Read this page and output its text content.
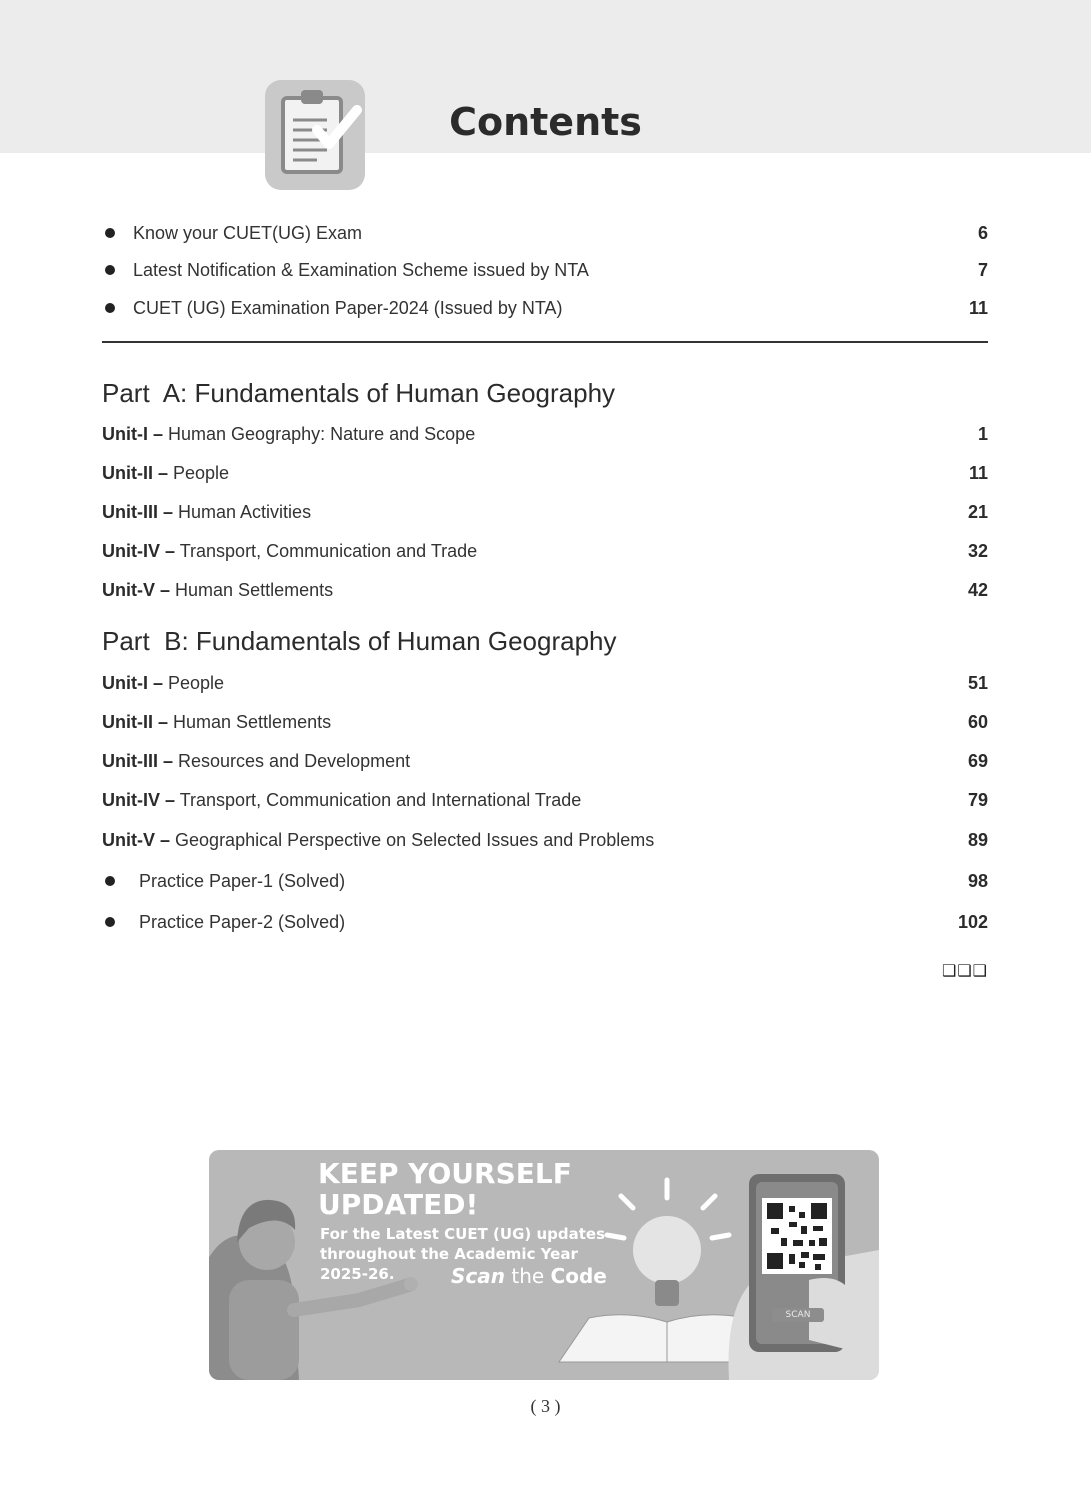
Contents
Know your CUET(UG) Exam	6
Latest Notification & Examination Scheme issued by NTA	7
CUET (UG) Examination Paper-2024 (Issued by NTA)	11
Part  A: Fundamentals of Human Geography
Unit-I – Human Geography: Nature and Scope	1
Unit-II – People	11
Unit-III – Human Activities	21
Unit-IV – Transport, Communication and Trade	32
Unit-V – Human Settlements	42
Part  B: Fundamentals of Human Geography
Unit-I – People	51
Unit-II – Human Settlements	60
Unit-III – Resources and Development	69
Unit-IV – Transport, Communication and International Trade	79
Unit-V – Geographical Perspective on Selected Issues and Problems	89
Practice Paper-1 (Solved)	98
Practice Paper-2 (Solved)	102
❑❑❑
KEEP YOURSELF UPDATED!
For the Latest CUET (UG) updates throughout the Academic Year 2025-26.	Scan the Code
SCAN
( 3 )
